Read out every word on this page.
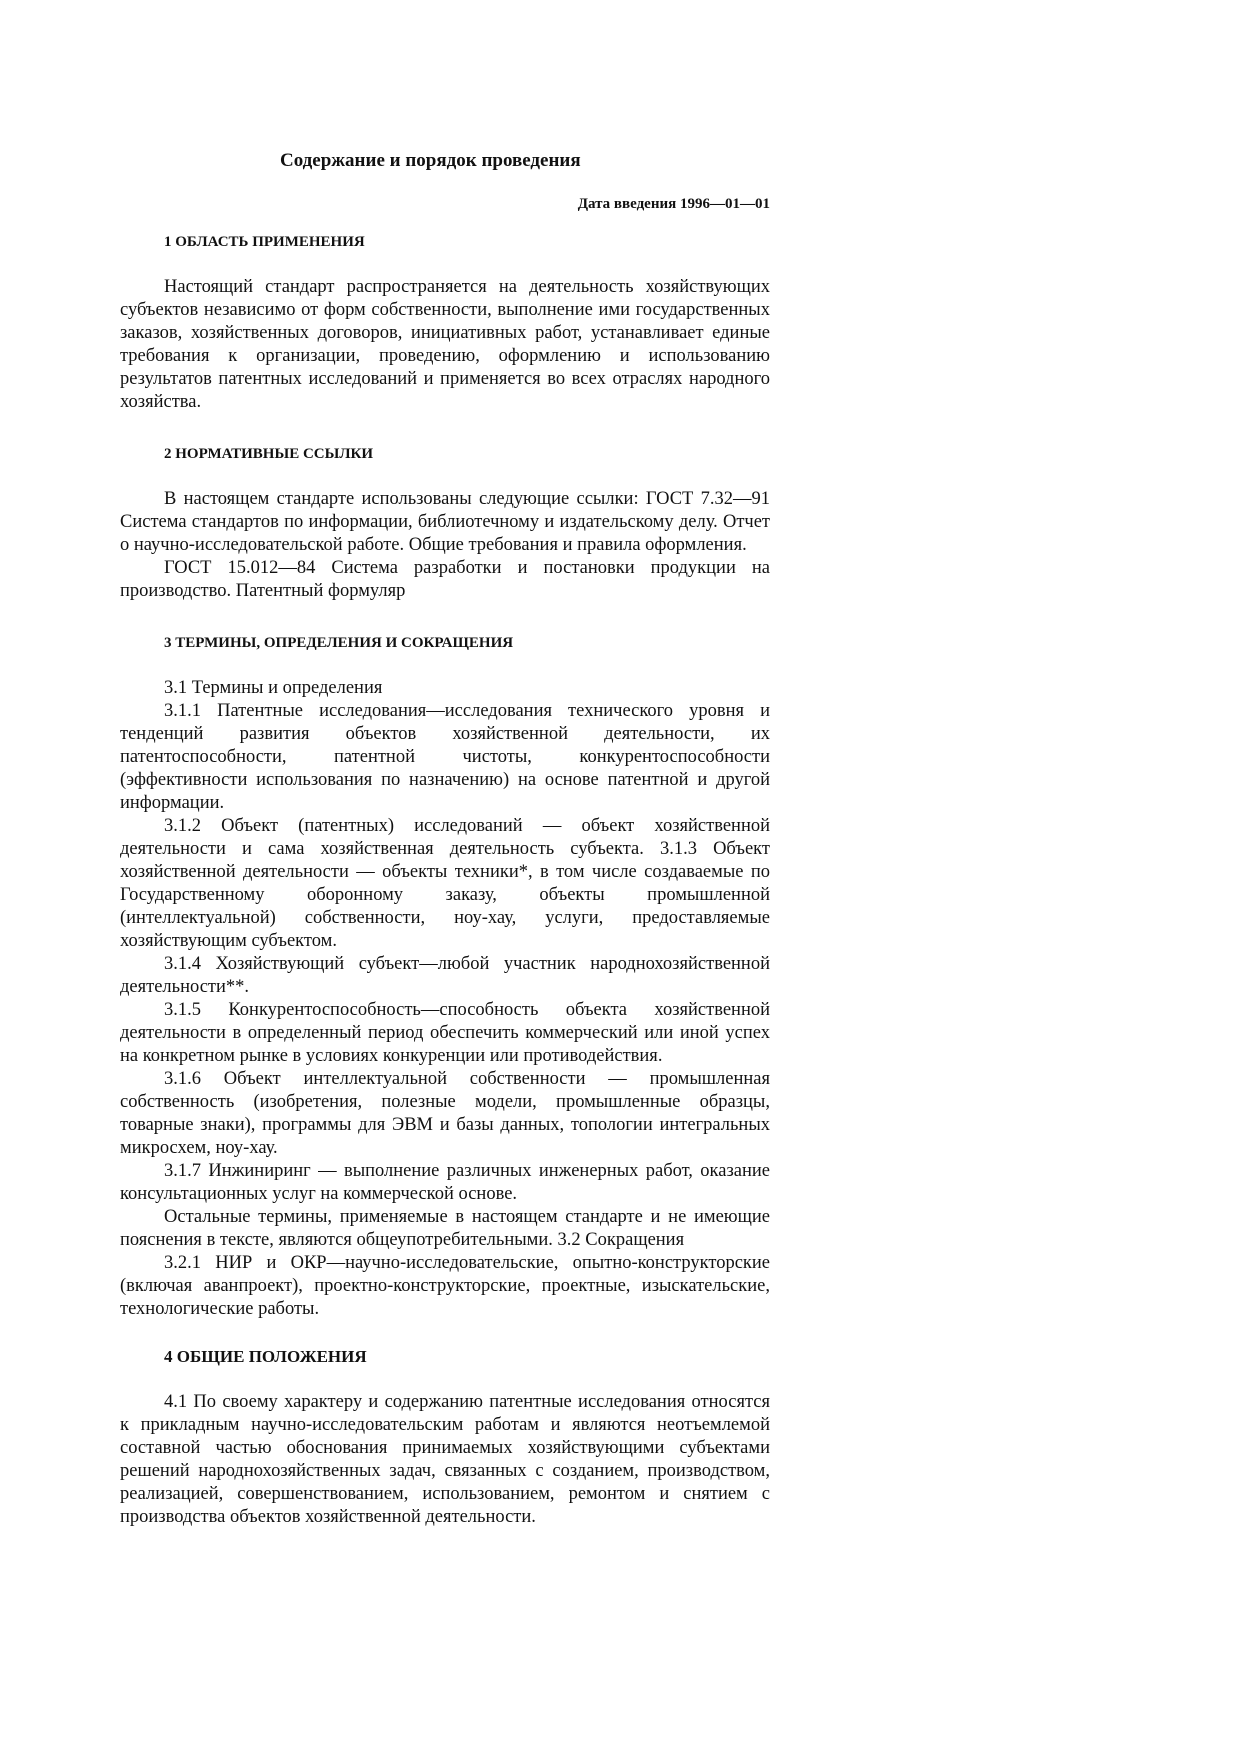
Содержание и порядок проведения
Дата введения 1996—01—01

1 ОБЛАСТЬ ПРИМЕНЕНИЯ

Настоящий стандарт распространяется на деятельность хозяйствующих субъектов независимо от форм собственности, выполнение ими государственных заказов, хозяйственных договоров, инициативных работ, устанавливает единые требования к организации, проведению, оформлению и использованию результатов патентных исследований и применяется во всех отраслях народного хозяйства.

2 НОРМАТИВНЫЕ ССЫЛКИ

В настоящем стандарте использованы следующие ссылки: ГОСТ 7.32—91 Система стандартов по информации, библиотечному и издательскому делу. Отчет о научно-исследовательской работе. Общие требования и правила оформления.

ГОСТ 15.012—84 Система разработки и постановки продукции на производство. Патентный формуляр

3 ТЕРМИНЫ, ОПРЕДЕЛЕНИЯ И СОКРАЩЕНИЯ

3.1 Термины и определения

3.1.1 Патентные исследования—исследования технического уровня и тенденций развития объектов хозяйственной деятельности, их патентоспособности, патентной чистоты, конкурентоспособности (эффективности использования по назначению) на основе патентной и другой информации.

3.1.2 Объект (патентных) исследований — объект хозяйственной деятельности и сама хозяйственная деятельность субъекта. 3.1.3 Объект хозяйственной деятельности — объекты техники*, в том числе создаваемые по Государственному оборонному заказу, объекты промышленной (интеллектуальной) собственности, ноу-хау, услуги, предоставляемые хозяйствующим субъектом.

3.1.4 Хозяйствующий субъект—любой участник народнохозяйственной деятельности**.

3.1.5 Конкурентоспособность—способность объекта хозяйственной деятельности в определенный период обеспечить коммерческий или иной успех на конкретном рынке в условиях конкуренции или противодействия.

3.1.6 Объект интеллектуальной собственности — промышленная собственность (изобретения, полезные модели, промышленные образцы, товарные знаки), программы для ЭВМ и базы данных, топологии интегральных микросхем, ноу-хау.

3.1.7 Инжиниринг — выполнение различных инженерных работ, оказание консультационных услуг на коммерческой основе.

Остальные термины, применяемые в настоящем стандарте и не имеющие пояснения в тексте, являются общеупотребительными. 3.2 Сокращения

3.2.1 НИР и ОКР—научно-исследовательские, опытно-конструкторские (включая аванпроект), проектно-конструкторские, проектные, изыскательские, технологические работы.

4 ОБЩИЕ ПОЛОЖЕНИЯ

4.1 По своему характеру и содержанию патентные исследования относятся к прикладным научно-исследовательским работам и являются неотъемлемой составной частью обоснования принимаемых хозяйствующими субъектами решений народнохозяйственных задач, связанных с созданием, производством, реализацией, совершенствованием, использованием, ремонтом и снятием с производства объектов хозяйственной деятельности.
